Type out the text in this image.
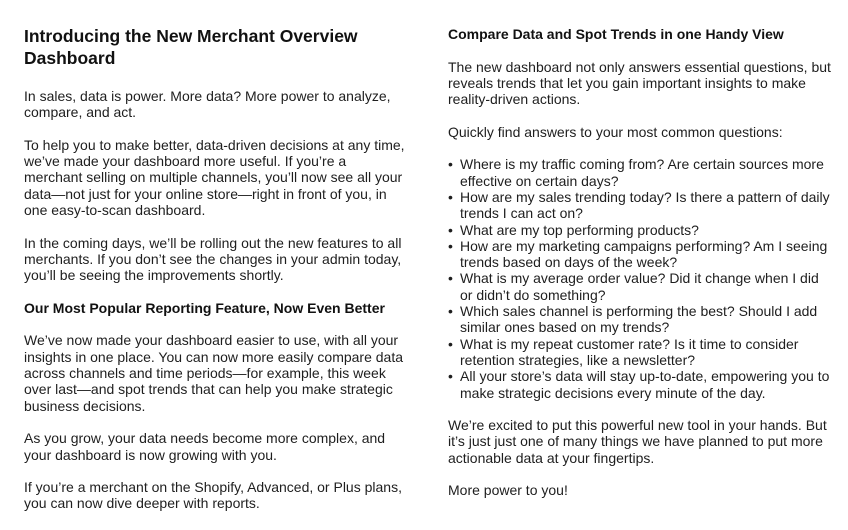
Introducing the New Merchant Overview Dashboard

In sales, data is power. More data? More power to analyze, compare, and act.

To help you to make better, data-driven decisions at any time, we’ve made your dashboard more useful. If you’re a merchant selling on multiple channels, you’ll now see all your data—not just for your online store—right in front of you, in one easy-to-scan dashboard.

In the coming days, we’ll be rolling out the new features to all merchants. If you don’t see the changes in your admin today, you’ll be seeing the improvements shortly.

Our Most Popular Reporting Feature, Now Even Better

We’ve now made your dashboard easier to use, with all your insights in one place. You can now more easily compare data across channels and time periods—for example, this week over last—and spot trends that can help you make strategic business decisions.

As you grow, your data needs become more complex, and your dashboard is now growing with you.

If you’re a merchant on the Shopify, Advanced, or Plus plans, you can now dive deeper with reports.

Compare Data and Spot Trends in one Handy View

The new dashboard not only answers essential questions, but reveals trends that let you gain important insights to make reality-driven actions.

Quickly find answers to your most common questions:

• Where is my traffic coming from? Are certain sources more effective on certain days?
• How are my sales trending today? Is there a pattern of daily trends I can act on?
• What are my top performing products?
• How are my marketing campaigns performing? Am I seeing trends based on days of the week?
• What is my average order value? Did it change when I did or didn’t do something?
• Which sales channel is performing the best? Should I add similar ones based on my trends?
• What is my repeat customer rate? Is it time to consider retention strategies, like a newsletter?
• All your store’s data will stay up-to-date, empowering you to make strategic decisions every minute of the day.

We’re excited to put this powerful new tool in your hands. But it’s just just one of many things we have planned to put more actionable data at your fingertips.

More power to you!
